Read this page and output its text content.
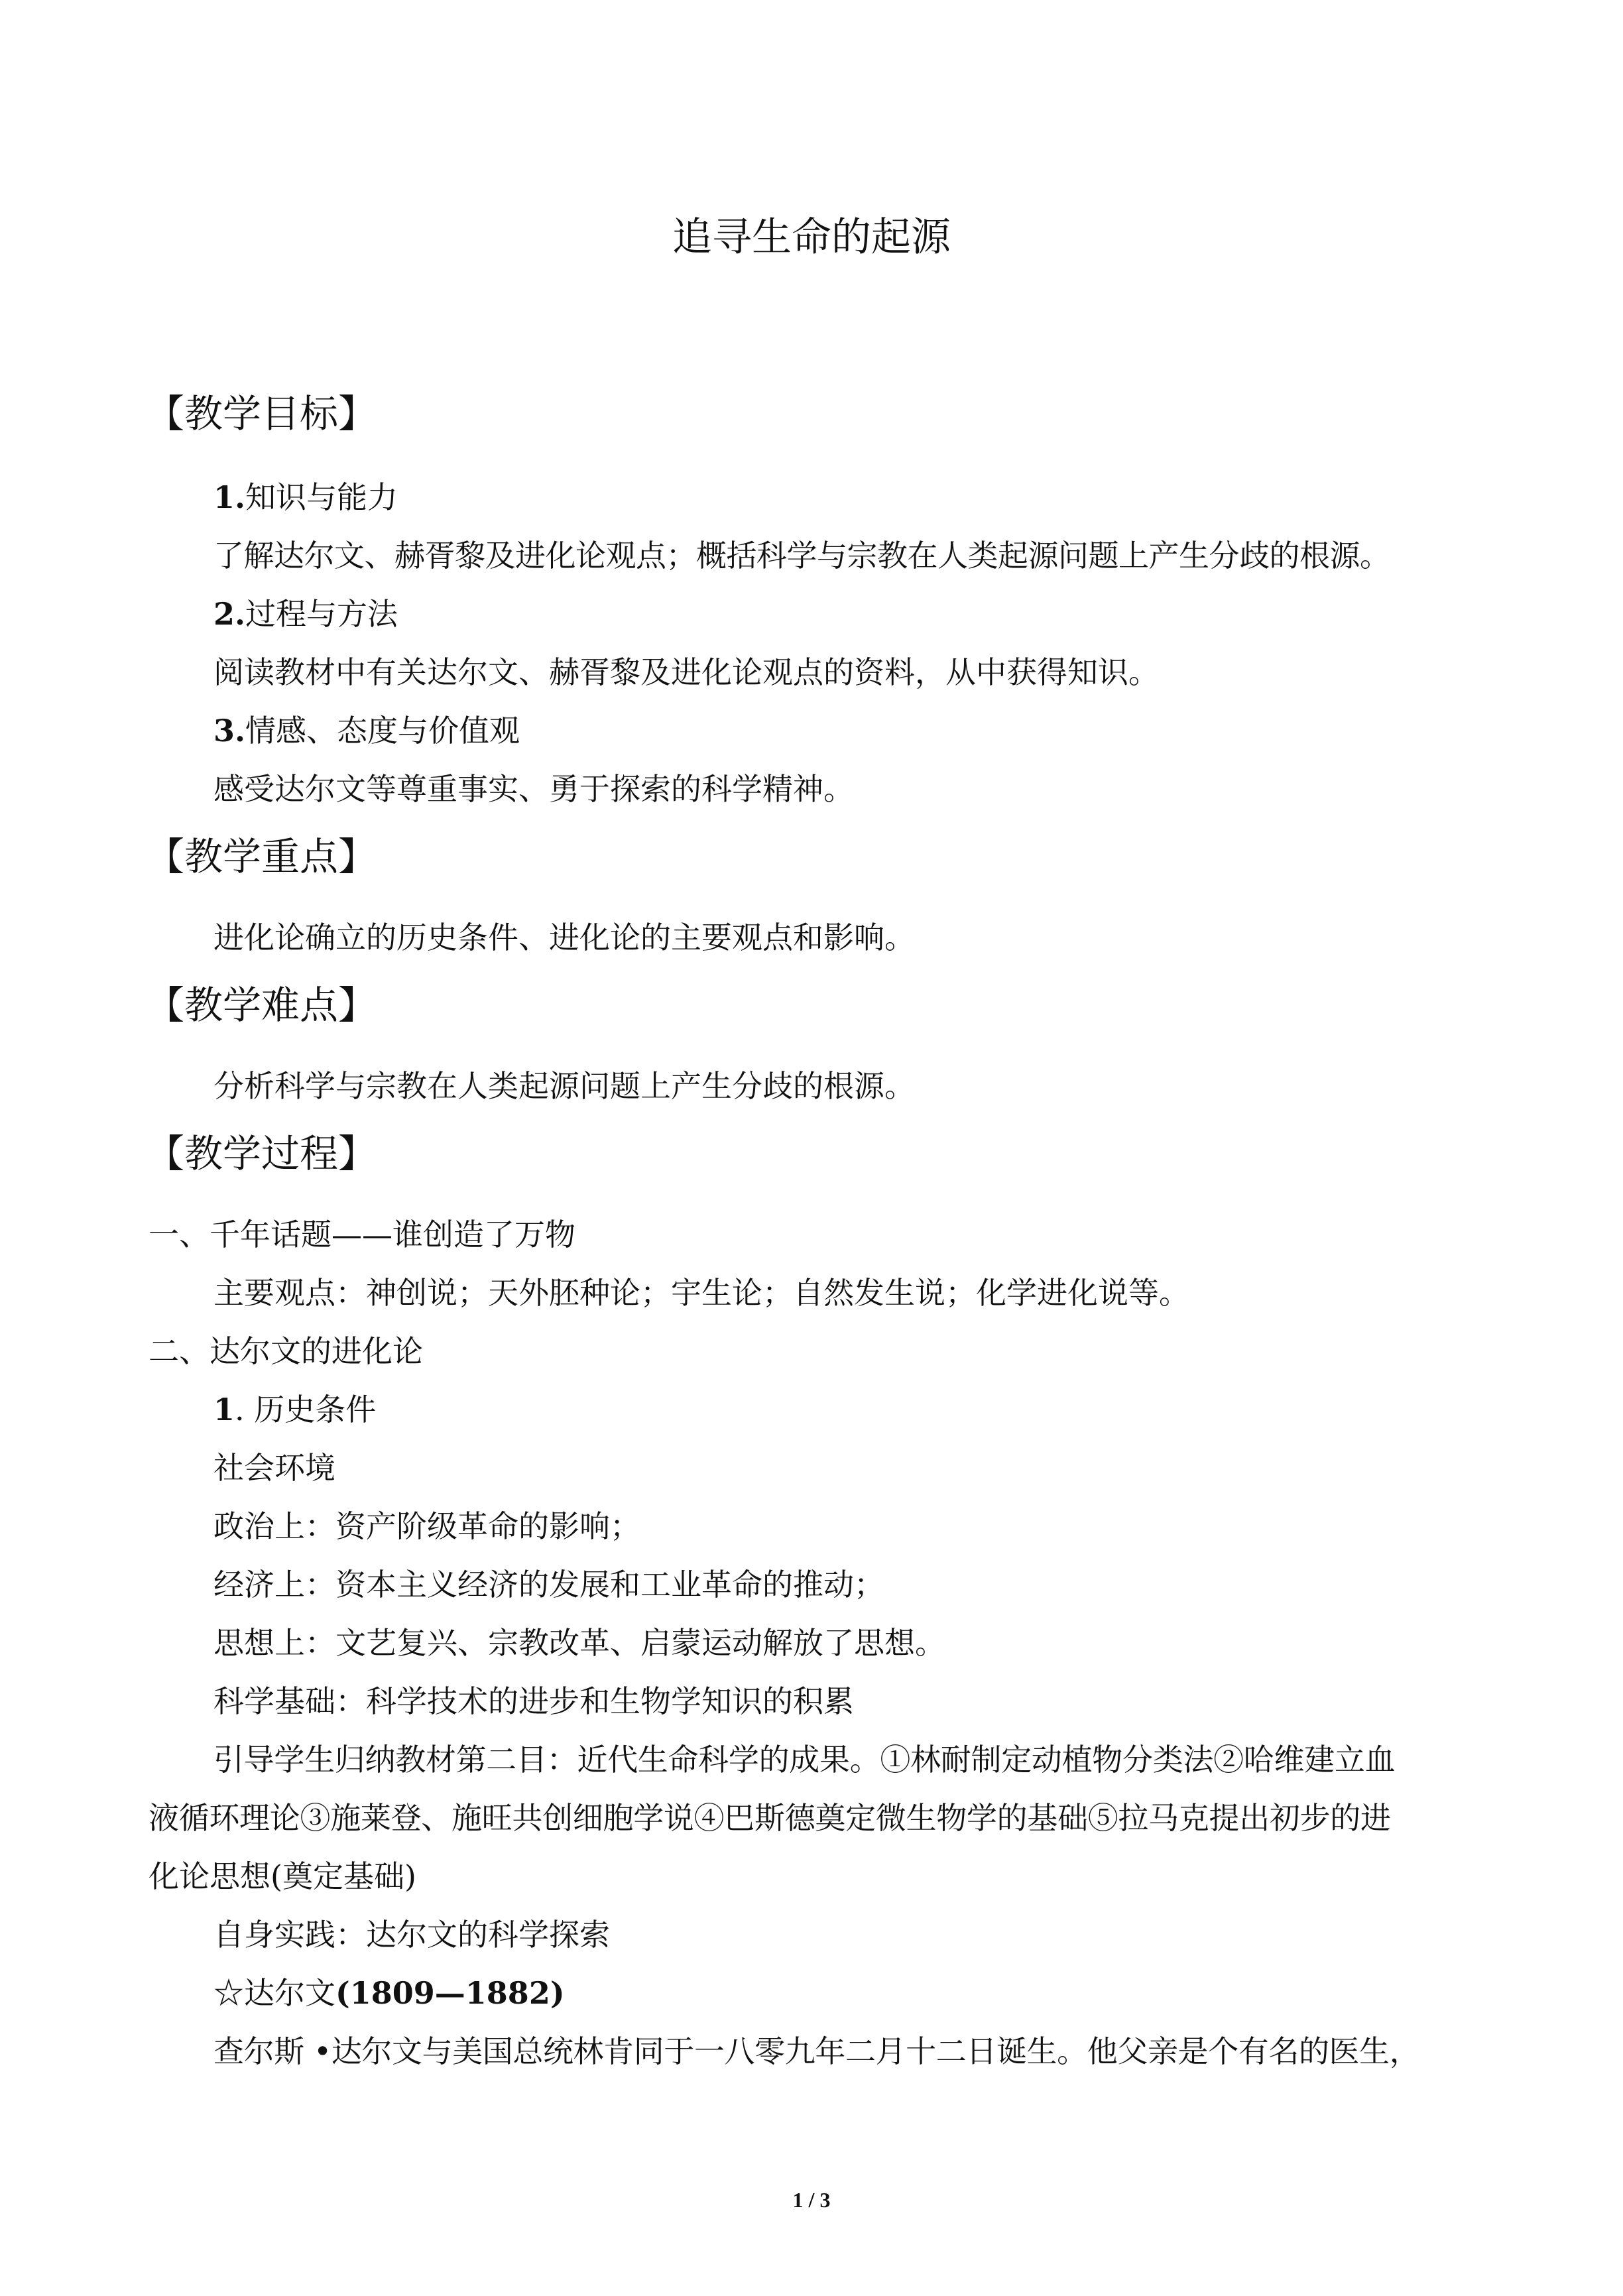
追寻生命的起源
【教学目标】
1.知识与能力
了解达尔文、赫胥黎及进化论观点；概括科学与宗教在人类起源问题上产生分歧的根源。
2.过程与方法
阅读教材中有关达尔文、赫胥黎及进化论观点的资料，从中获得知识。
3.情感、态度与价值观
感受达尔文等尊重事实、勇于探索的科学精神。
【教学重点】
进化论确立的历史条件、进化论的主要观点和影响。
【教学难点】
分析科学与宗教在人类起源问题上产生分歧的根源。
【教学过程】
一、千年话题——谁创造了万物
主要观点：神创说；天外胚种论；宇生论；自然发生说；化学进化说等。
二、达尔文的进化论
1. 历史条件
社会环境
政治上：资产阶级革命的影响；
经济上：资本主义经济的发展和工业革命的推动；
思想上：文艺复兴、宗教改革、启蒙运动解放了思想。
科学基础：科学技术的进步和生物学知识的积累
引导学生归纳教材第二目：近代生命科学的成果。①林耐制定动植物分类法②哈维建立血
液循环理论③施莱登、施旺共创细胞学说④巴斯德奠定微生物学的基础⑤拉马克提出初步的进
化论思想(奠定基础)
自身实践：达尔文的科学探索
☆达尔文(1809—1882)
查尔斯 •达尔文与美国总统林肯同于一八零九年二月十二日诞生。他父亲是个有名的医生，
1 / 3
